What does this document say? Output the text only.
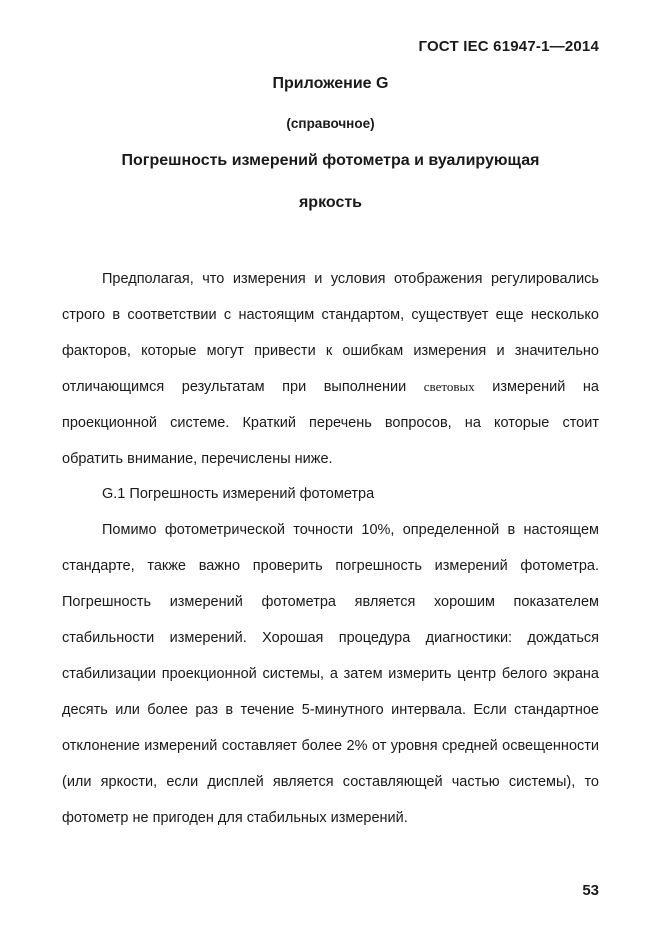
ГОСТ IEC 61947-1—2014
Приложение G
(справочное)
Погрешность измерений фотометра и вуалирующая
яркость
Предполагая, что измерения и условия отображения регулировались строго в соответствии с настоящим стандартом, существует еще несколько факторов, которые могут привести к ошибкам измерения и значительно отличающимся результатам при выполнении световых измерений на проекционной системе. Краткий перечень вопросов, на которые стоит обратить внимание, перечислены ниже.
G.1 Погрешность измерений фотометра
Помимо фотометрической точности 10%, определенной в настоящем стандарте, также важно проверить погрешность измерений фотометра. Погрешность измерений фотометра является хорошим показателем стабильности измерений. Хорошая процедура диагностики: дождаться стабилизации проекционной системы, а затем измерить центр белого экрана десять или более раз в течение 5-минутного интервала. Если стандартное отклонение измерений составляет более 2% от уровня средней освещенности (или яркости, если дисплей является составляющей частью системы), то фотометр не пригоден для стабильных измерений.
53
